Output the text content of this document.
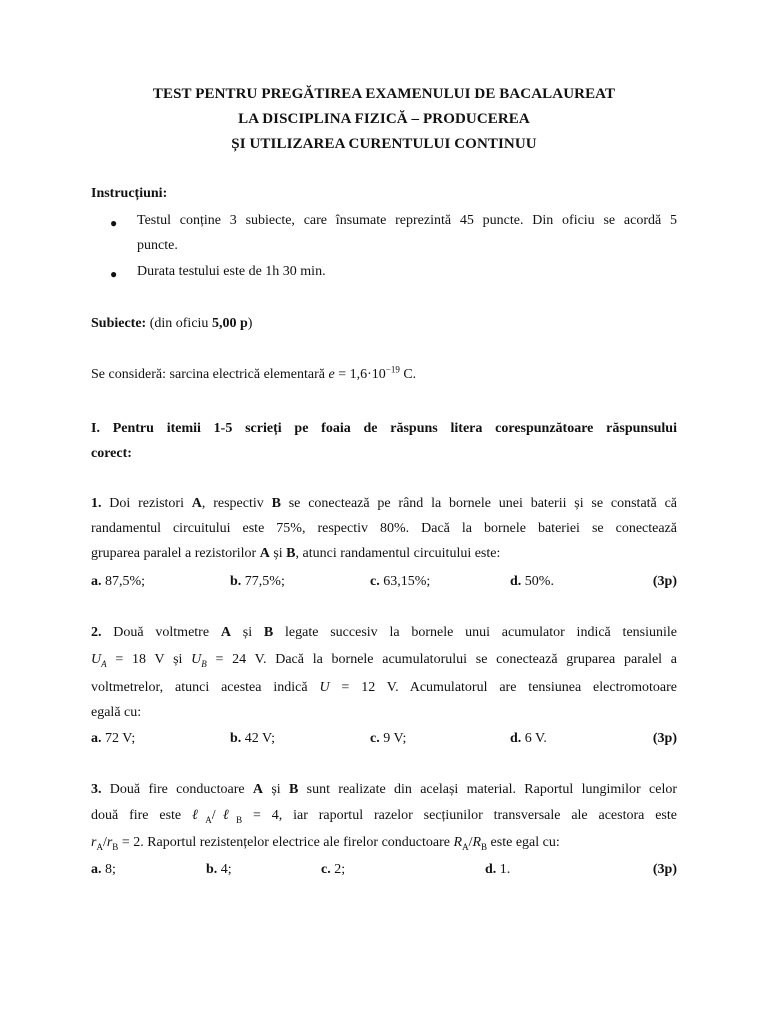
TEST PENTRU PREGĂTIREA EXAMENULUI DE BACALAUREAT
LA DISCIPLINA FIZICĂ – PRODUCEREA
ȘI UTILIZAREA CURENTULUI CONTINUU
Instrucțiuni:
● Testul conține 3 subiecte, care însumate reprezintă 45 puncte. Din oficiu se acordă 5
puncte.
● Durata testului este de 1h 30 min.
Subiecte: (din oficiu 5,00 p)
Se consideră: sarcina electrică elementară $e = 1,6\cdot 10^{-19}$ C.
I. Pentru itemii 1-5 scrieți pe foaia de răspuns litera corespunzătoare răspunsului
corect:
1. Doi rezistori A, respectiv B se conectează pe rând la bornele unei baterii și se constată că
randamentul circuitului este 75%, respectiv 80%. Dacă la bornele bateriei se conectează
gruparea paralel a rezistorilor A și B, atunci randamentul circuitului este:
a. 87,5%;	b. 77,5%;	c. 63,15%;	d. 50%.	(3p)
2. Două voltmetre A și B legate succesiv la bornele unui acumulator indică tensiunile
$U_A = 18$ V și $U_B = 24$ V. Dacă la bornele acumulatorului se conectează gruparea paralel a
voltmetrelor, atunci acestea indică U = 12 V. Acumulatorul are tensiunea electromotoare
egală cu:
a. 72 V;	b. 42 V;	c. 9 V;	d. 6 V.	(3p)
3. Două fire conductoare A și B sunt realizate din același material. Raportul lungimilor celor
două fire este ℓ$_A$/ℓ$_B$ = 4, iar raportul razelor secțiunilor transversale ale acestora este
$r_A/r_B = 2$. Raportul rezistențelor electrice ale firelor conductoare $R_A/R_B$ este egal cu:
a. 8;	b. 4;	c. 2;	d. 1.	(3p)
